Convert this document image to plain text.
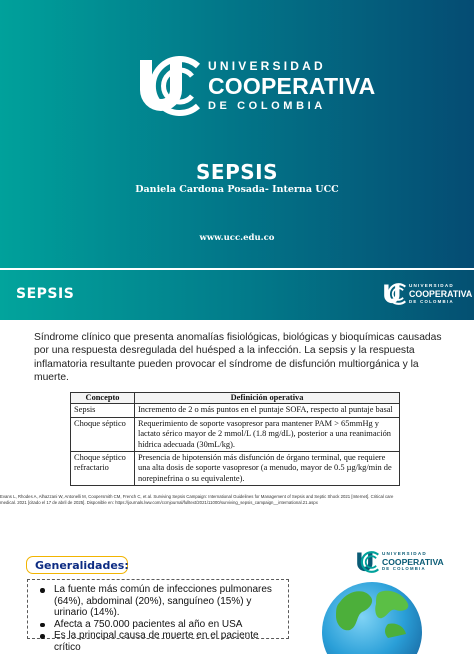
UNIVERSIDAD
COOPERATIVA
DE COLOMBIA
SEPSIS
Daniela Cardona Posada- Interna UCC
www.ucc.edu.co
SEPSIS
UNIVERSIDAD
COOPERATIVA
DE COLOMBIA

Síndrome clínico que presenta anomalías fisiológicas, biológicas y bioquímicas causadas por una respuesta desregulada del huésped a la infección. La sepsis y la respuesta inflamatoria resultante pueden provocar el síndrome de disfunción multiorgánica y la muerte.

Concepto	Definición operativa
Sepsis	Incremento de 2 o más puntos en el puntaje SOFA, respecto al puntaje basal
Choque séptico	Requerimiento de soporte vasopresor para mantener PAM > 65mmHg y lactato sérico mayor de 2 mmol/L (1.8 mg/dL), posterior a una reanimación hídrica adecuada (30mL/kg).
Choque séptico refractario	Presencia de hipotensión más disfunción de órgano terminal, que requiere una alta dosis de soporte vasopresor (a menudo, mayor de 0.5 µg/kg/min de norepinefrina o su equivalente).
Evans L, Rhodes A, Alhazzani W, Antonelli M, Coopersmith CM, French C, et al. Surviving Sepsis Campaign: International Guidelines for Management of Sepsis and Septic Shock 2021 [Internet]. Critical care
medical. 2021 [citado el 17 de abril de 2025]. Disponible en: https://journals.lww.com/ccmjournal/fulltext/2021/11000/surviving_sepsis_campaign__international.21.aspx
UNIVERSIDAD
COOPERATIVA
DE COLOMBIA
Generalidades:
La fuente más común de infecciones pulmonares (64%), abdominal (20%), sanguíneo (15%) y urinario (14%).
Afecta a 750.000 pacientes al año en USA
Es la principal causa de muerte en el paciente crítico
